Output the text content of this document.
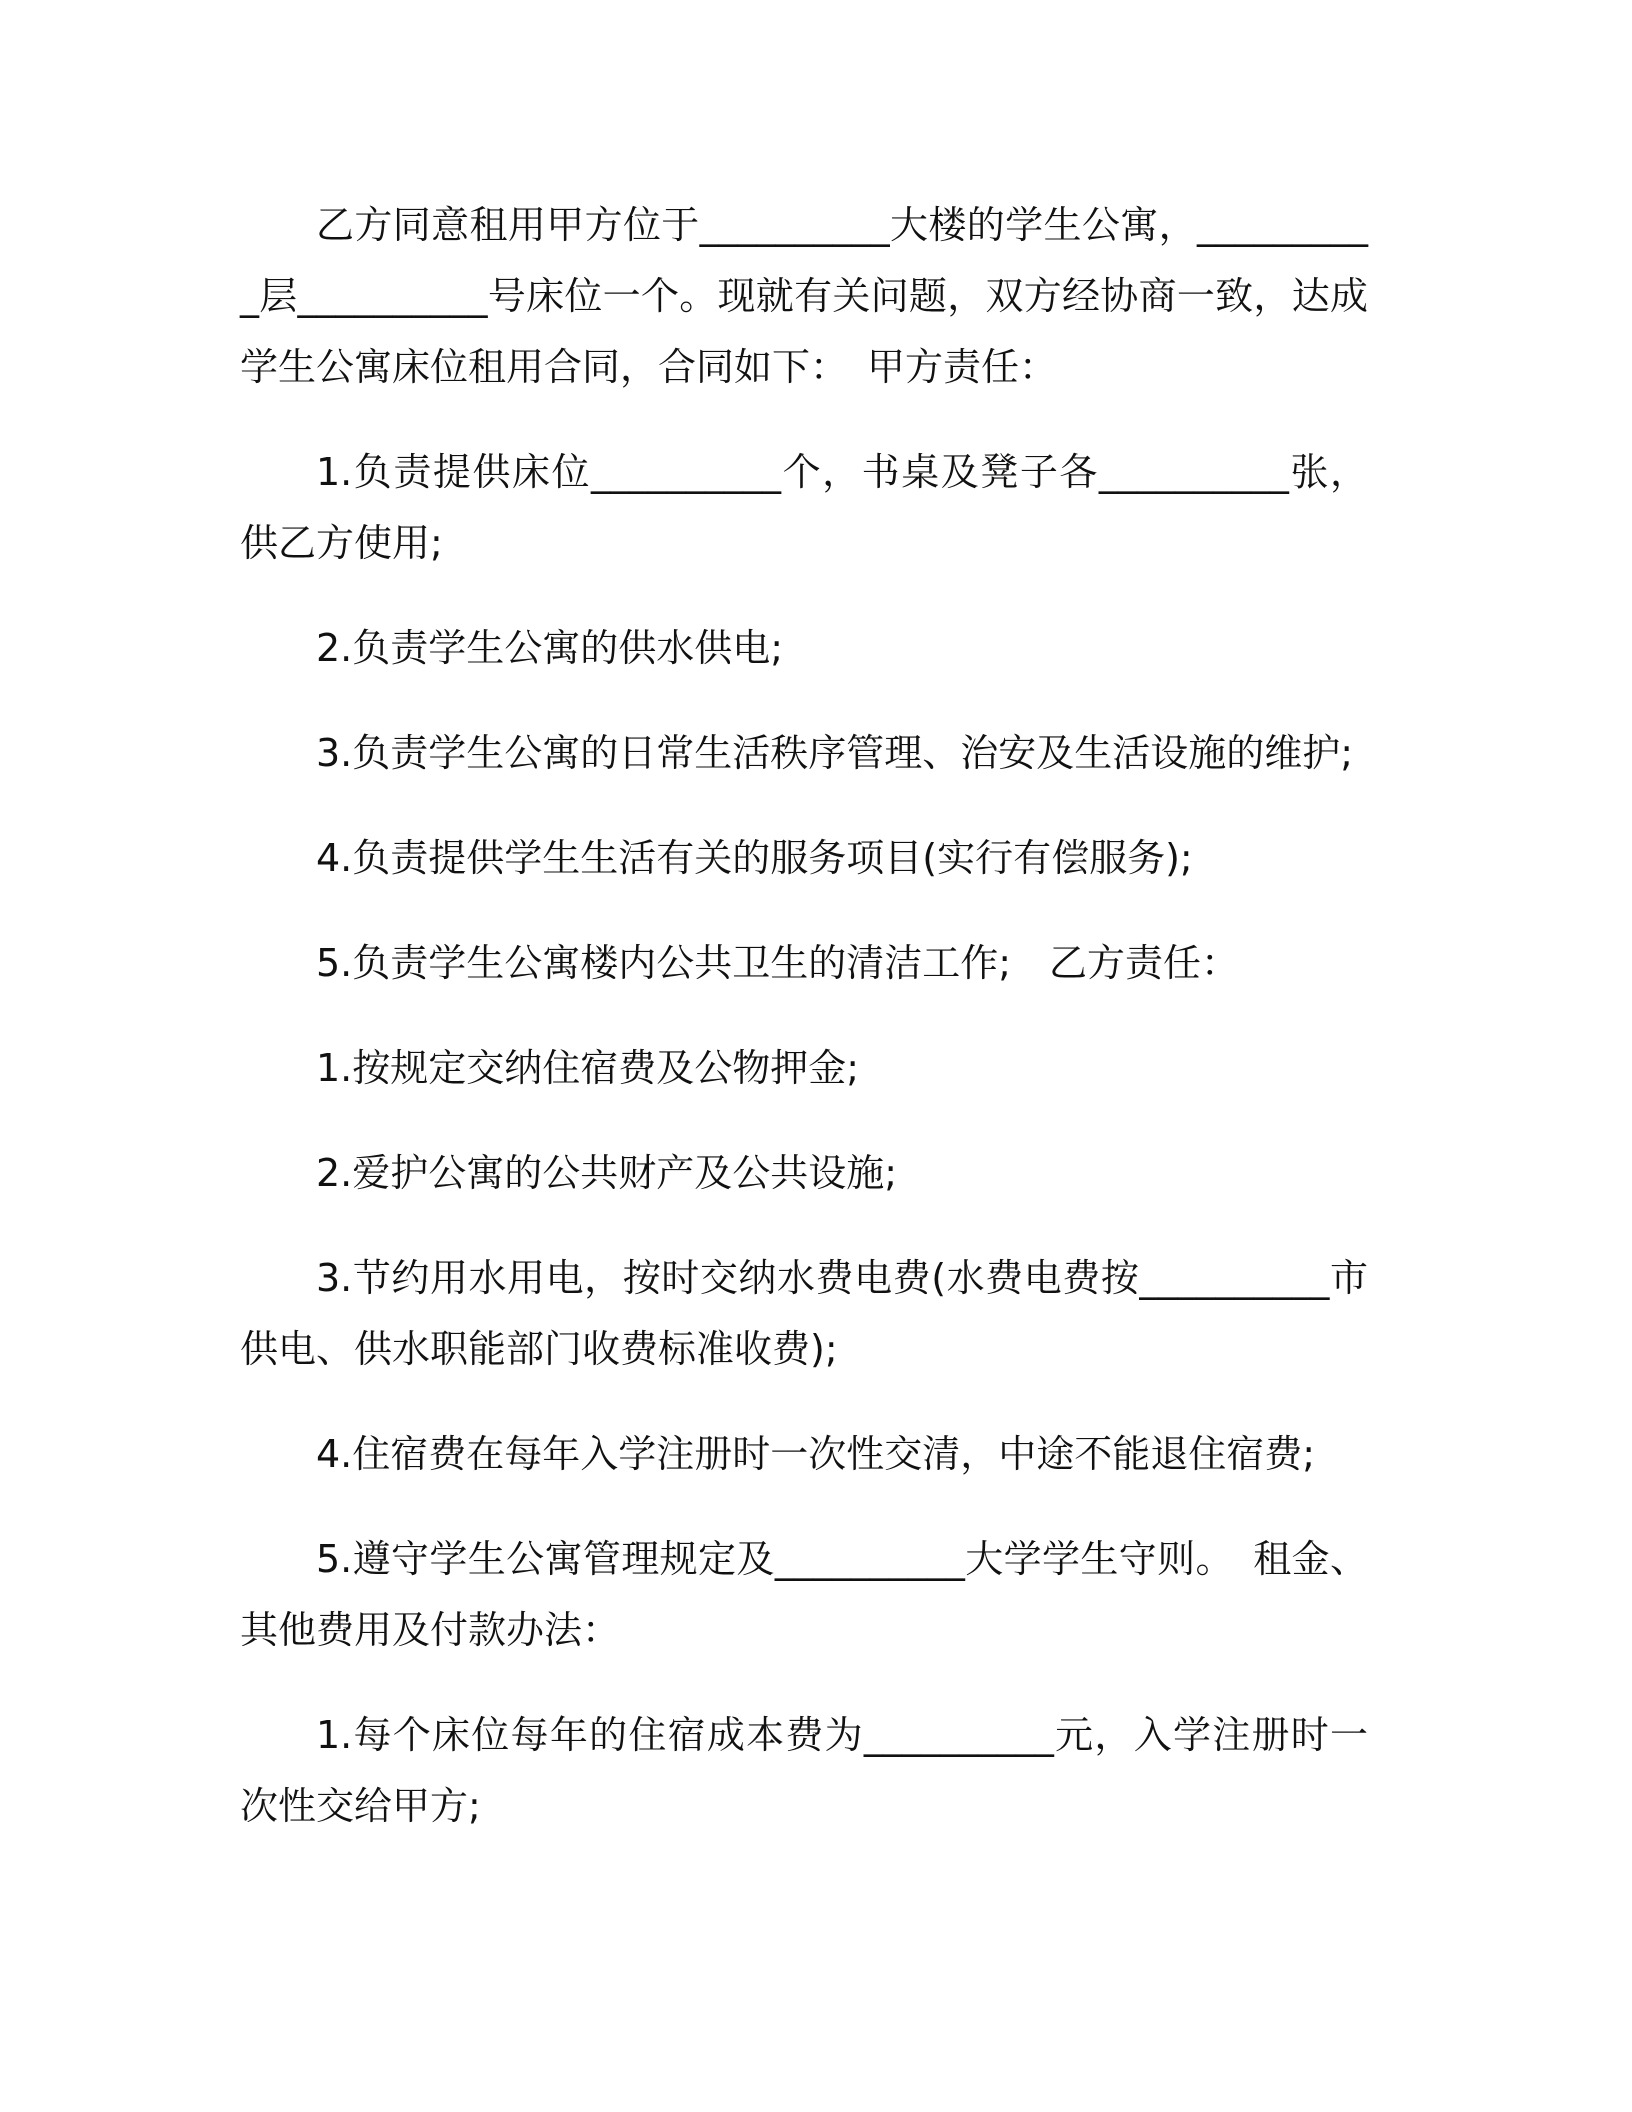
乙方同意租用甲方位于__________大楼的学生公寓，__________层__________号床位一个。现就有关问题，双方经协商一致，达成学生公寓床位租用合同，合同如下：　甲方责任：

1.负责提供床位__________个，书桌及凳子各__________张，供乙方使用;

2.负责学生公寓的供水供电;

3.负责学生公寓的日常生活秩序管理、治安及生活设施的维护;

4.负责提供学生生活有关的服务项目(实行有偿服务);

5.负责学生公寓楼内公共卫生的清洁工作;　乙方责任：

1.按规定交纳住宿费及公物押金;

2.爱护公寓的公共财产及公共设施;

3.节约用水用电，按时交纳水费电费(水费电费按__________市供电、供水职能部门收费标准收费);

4.住宿费在每年入学注册时一次性交清，中途不能退住宿费;

5.遵守学生公寓管理规定及__________大学学生守则。　租金、其他费用及付款办法：

1.每个床位每年的住宿成本费为__________元，入学注册时一次性交给甲方;
